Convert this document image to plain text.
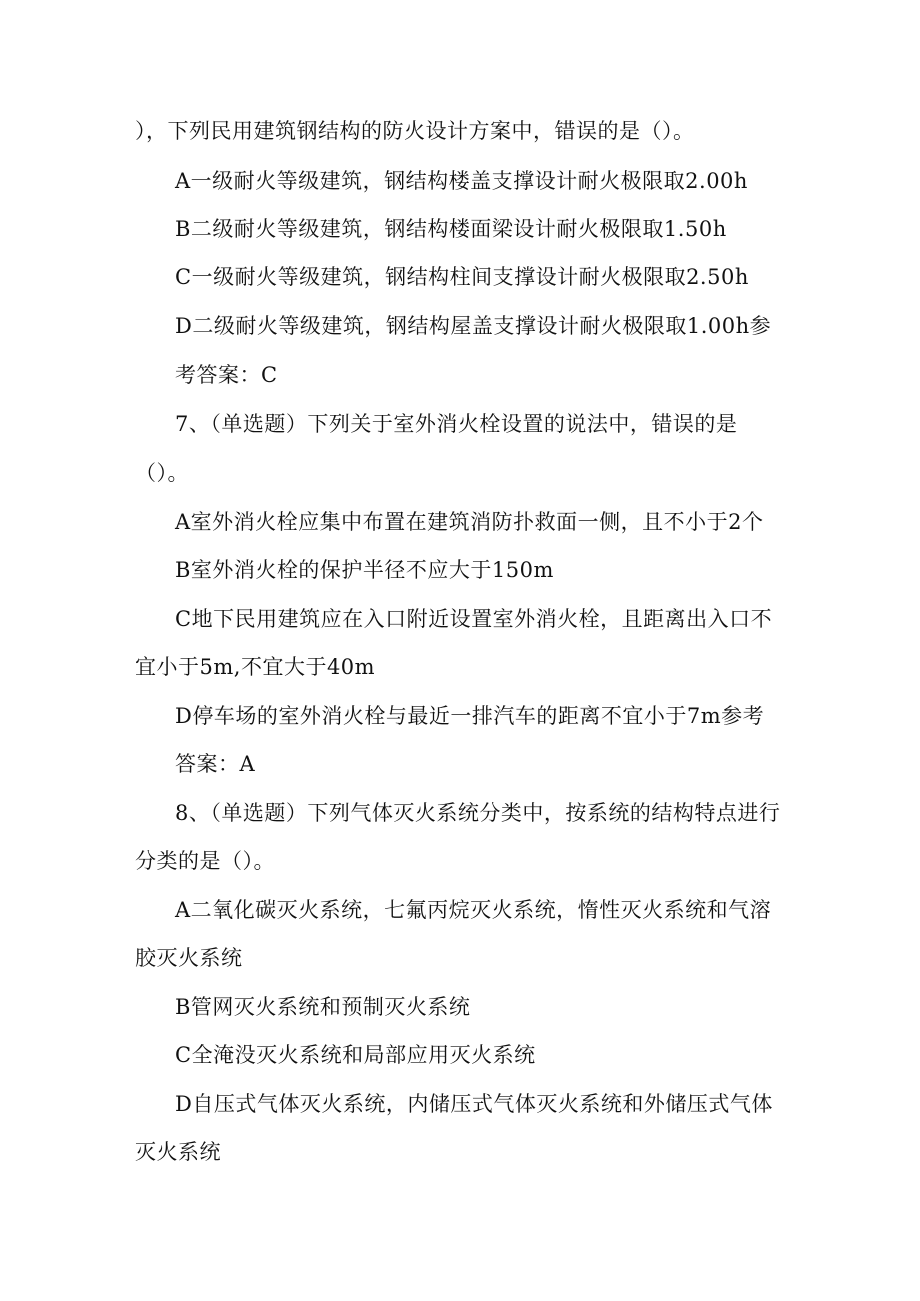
），下列民用建筑钢结构的防火设计方案中，错误的是（）。
A一级耐火等级建筑，钢结构楼盖支撑设计耐火极限取2.00h
B二级耐火等级建筑，钢结构楼面梁设计耐火极限取1.50h
C一级耐火等级建筑，钢结构柱间支撑设计耐火极限取2.50h
D二级耐火等级建筑，钢结构屋盖支撑设计耐火极限取1.00h参
考答案：C
7、（单选题）下列关于室外消火栓设置的说法中，错误的是
（）。
A室外消火栓应集中布置在建筑消防扑救面一侧，且不小于2个
B室外消火栓的保护半径不应大于150m
C地下民用建筑应在入口附近设置室外消火栓，且距离出入口不
宜小于5m,不宜大于40m
D停车场的室外消火栓与最近一排汽车的距离不宜小于7m参考
答案：A
8、（单选题）下列气体灭火系统分类中，按系统的结构特点进行
分类的是（）。
A二氧化碳灭火系统，七氟丙烷灭火系统，惰性灭火系统和气溶
胶灭火系统
B管网灭火系统和预制灭火系统
C全淹没灭火系统和局部应用灭火系统
D自压式气体灭火系统，内储压式气体灭火系统和外储压式气体
灭火系统
